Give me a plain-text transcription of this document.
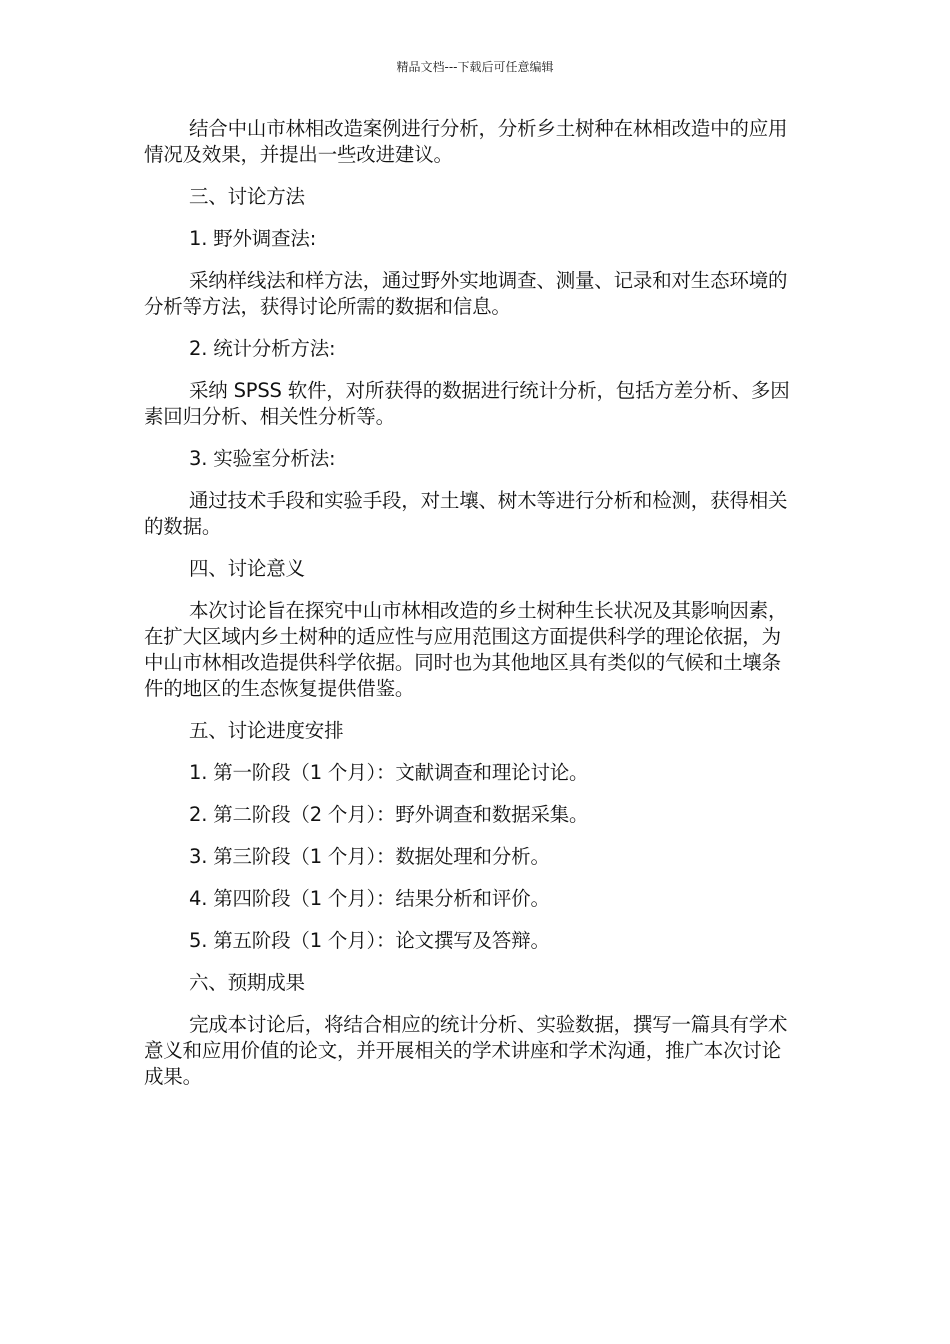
精品文档---下载后可任意编辑

结合中山市林相改造案例进行分析，分析乡土树种在林相改造中的应用情况及效果，并提出一些改进建议。

三、讨论方法

1. 野外调查法:

采纳样线法和样方法，通过野外实地调查、测量、记录和对生态环境的分析等方法，获得讨论所需的数据和信息。

2. 统计分析方法:

采纳 SPSS 软件，对所获得的数据进行统计分析，包括方差分析、多因素回归分析、相关性分析等。

3. 实验室分析法:

通过技术手段和实验手段，对土壤、树木等进行分析和检测，获得相关的数据。

四、讨论意义

本次讨论旨在探究中山市林相改造的乡土树种生长状况及其影响因素，在扩大区域内乡土树种的适应性与应用范围这方面提供科学的理论依据，为中山市林相改造提供科学依据。同时也为其他地区具有类似的气候和土壤条件的地区的生态恢复提供借鉴。

五、讨论进度安排

1. 第一阶段（1 个月）：文献调查和理论讨论。

2. 第二阶段（2 个月）：野外调查和数据采集。

3. 第三阶段（1 个月）：数据处理和分析。

4. 第四阶段（1 个月）：结果分析和评价。

5. 第五阶段（1 个月）：论文撰写及答辩。

六、预期成果

完成本讨论后，将结合相应的统计分析、实验数据，撰写一篇具有学术意义和应用价值的论文，并开展相关的学术讲座和学术沟通，推广本次讨论成果。
